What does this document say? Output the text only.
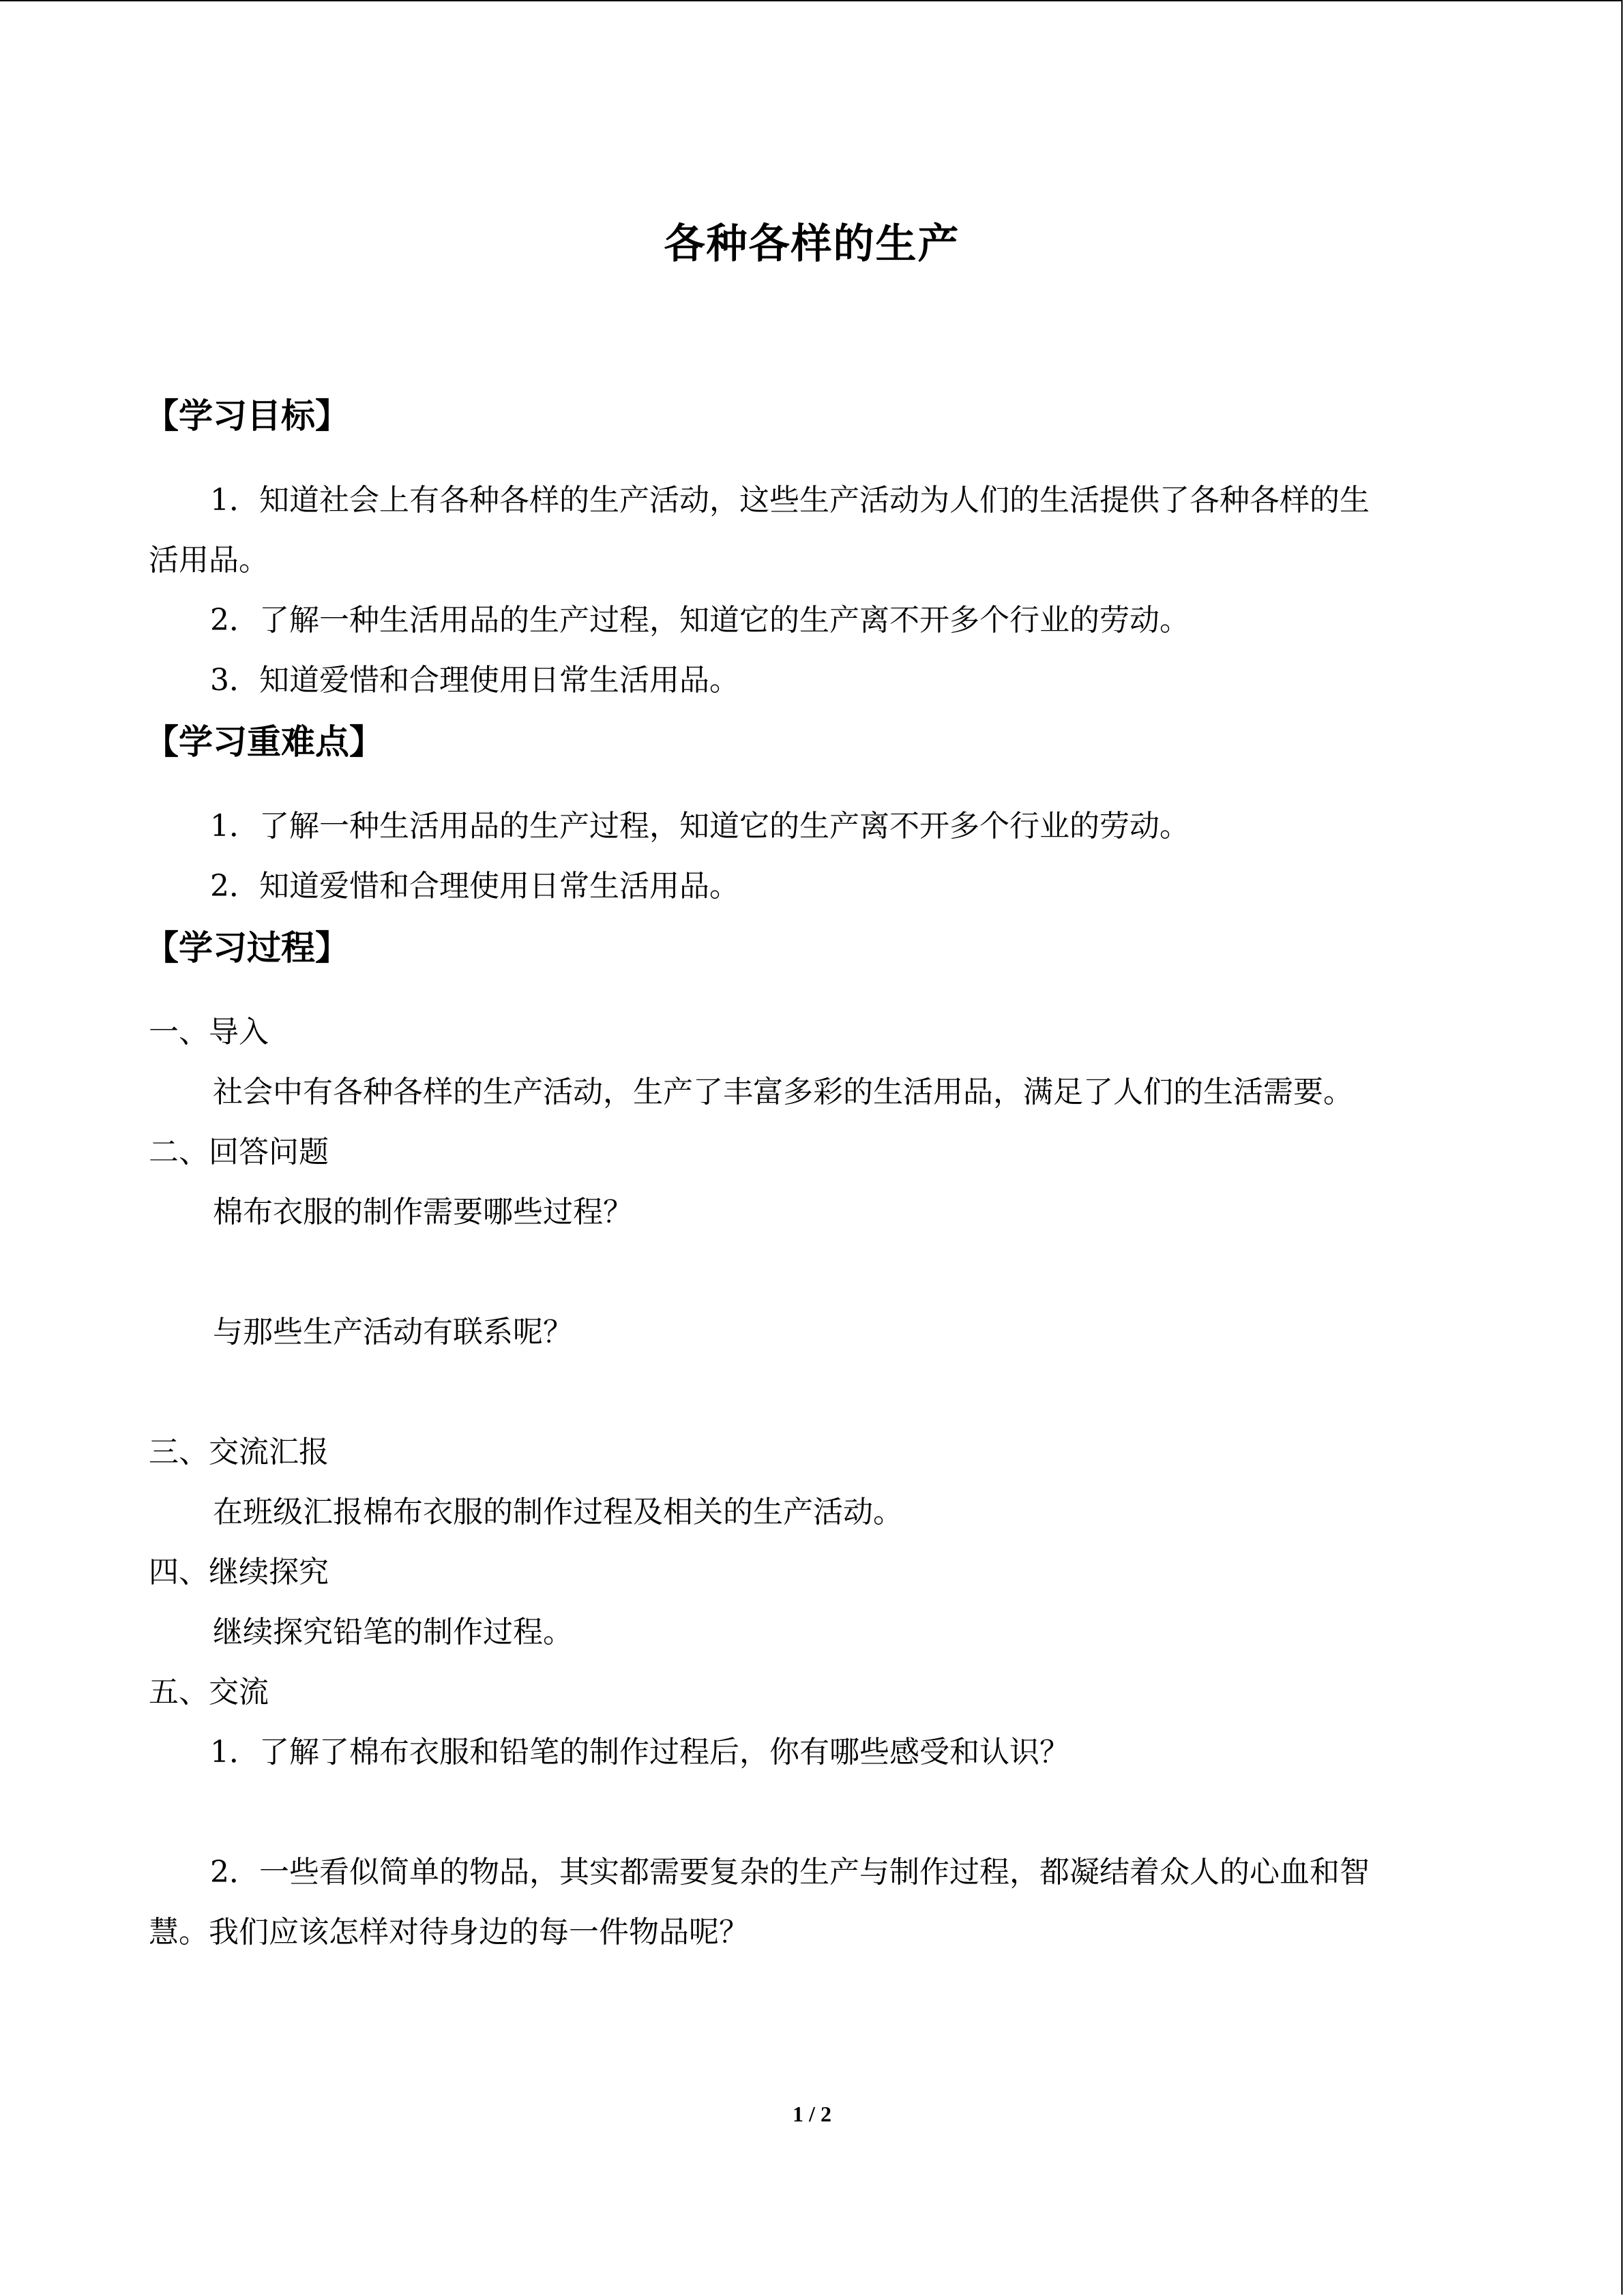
各种各样的生产
【学习目标】
1．知道社会上有各种各样的生产活动，这些生产活动为人们的生活提供了各种各样的生
活用品。
2．了解一种生活用品的生产过程，知道它的生产离不开多个行业的劳动。
3．知道爱惜和合理使用日常生活用品。
【学习重难点】
1．了解一种生活用品的生产过程，知道它的生产离不开多个行业的劳动。
2．知道爱惜和合理使用日常生活用品。
【学习过程】
一、导入
社会中有各种各样的生产活动，生产了丰富多彩的生活用品，满足了人们的生活需要。
二、回答问题
棉布衣服的制作需要哪些过程？
与那些生产活动有联系呢？
三、交流汇报
在班级汇报棉布衣服的制作过程及相关的生产活动。
四、继续探究
继续探究铅笔的制作过程。
五、交流
1．了解了棉布衣服和铅笔的制作过程后，你有哪些感受和认识？
2．一些看似简单的物品，其实都需要复杂的生产与制作过程，都凝结着众人的心血和智
慧。我们应该怎样对待身边的每一件物品呢？
1 / 2
